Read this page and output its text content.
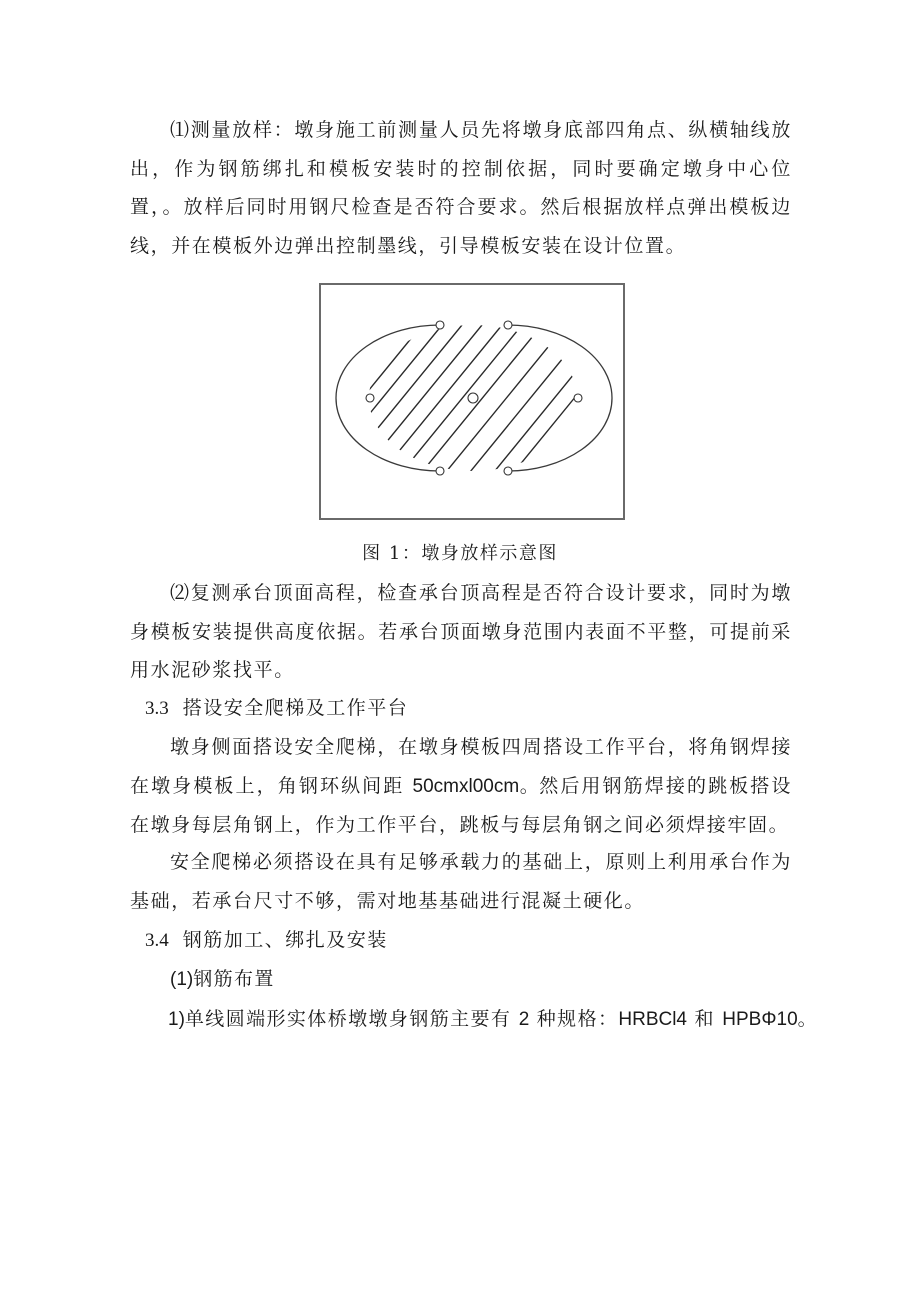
⑴测量放样：墩身施工前测量人员先将墩身底部四角点、纵横轴线放出，作为钢筋绑扎和模板安装时的控制依据，同时要确定墩身中心位置，。放样后同时用钢尺检查是否符合要求。然后根据放样点弹出模板边线，并在模板外边弹出控制墨线，引导模板安装在设计位置。

图 1：墩身放样示意图

⑵复测承台顶面高程，检查承台顶高程是否符合设计要求，同时为墩身模板安装提供高度依据。若承台顶面墩身范围内表面不平整，可提前采用水泥砂浆找平。

3.3 搭设安全爬梯及工作平台

墩身侧面搭设安全爬梯，在墩身模板四周搭设工作平台，将角钢焊接在墩身模板上，角钢环纵间距 50cmxl00cm。然后用钢筋焊接的跳板搭设在墩身每层角钢上，作为工作平台，跳板与每层角钢之间必须焊接牢固。

安全爬梯必须搭设在具有足够承载力的基础上，原则上利用承台作为基础，若承台尺寸不够，需对地基基础进行混凝土硬化。

3.4 钢筋加工、绑扎及安装

(1)钢筋布置

1)单线圆端形实体桥墩墩身钢筋主要有 2 种规格：HRBCl4 和 HPBΦ10。
